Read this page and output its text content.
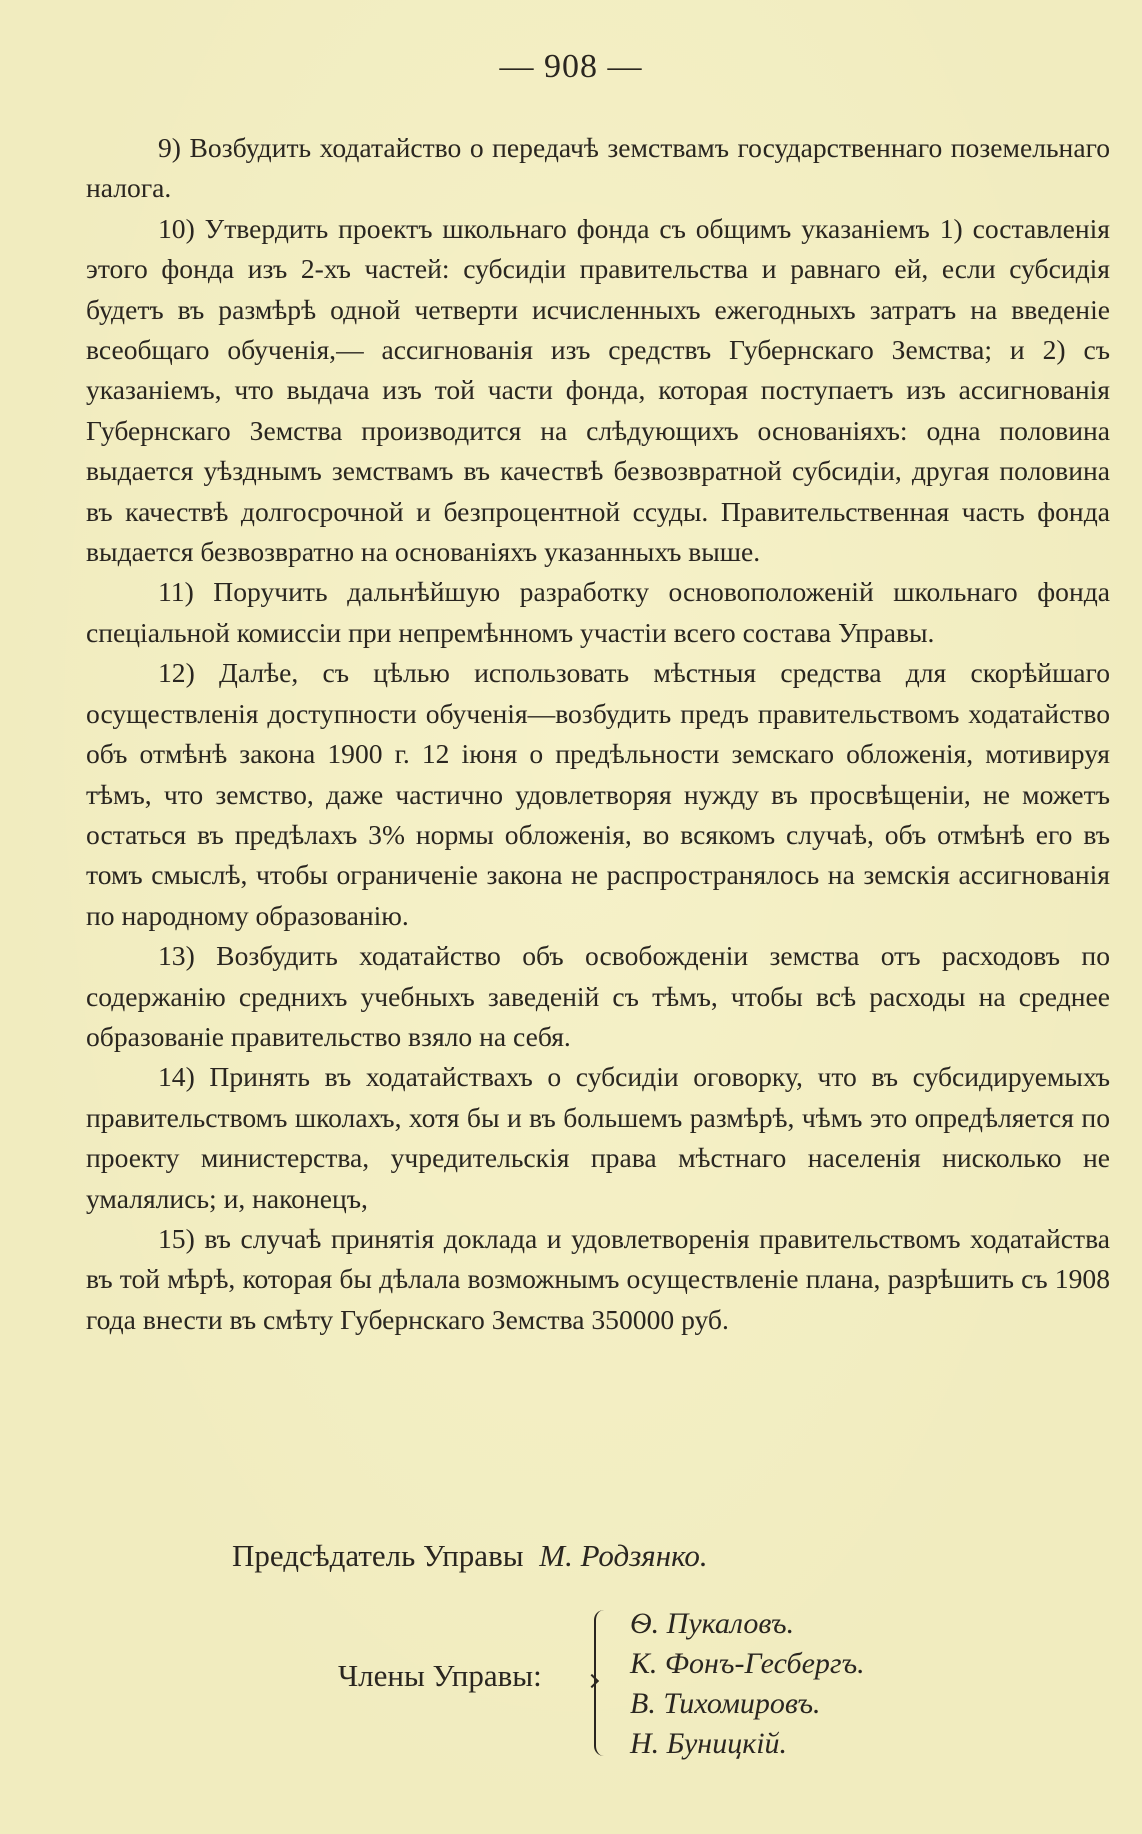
— 908 —

9) Возбудить ходатайство о передачѣ земствамъ государственнаго поземельнаго налога.

10) Утвердить проектъ школьнаго фонда съ общимъ указаніемъ 1) составленія этого фонда изъ 2-хъ частей: субсидіи правительства и равнаго ей, если субсидія будетъ въ размѣрѣ одной четверти исчисленныхъ ежегодныхъ затратъ на введеніе всеобщаго обученія,— ассигнованія изъ средствъ Губернскаго Земства; и 2) съ указаніемъ, что выдача изъ той части фонда, которая поступаетъ изъ ассигнованія Губернскаго Земства производится на слѣдующихъ основаніяхъ: одна половина выдается уѣзднымъ земствамъ въ качествѣ безвозвратной субсидіи, другая половина въ качествѣ долгосрочной и безпроцентной ссуды. Правительственная часть фонда выдается безвозвратно на основаніяхъ указанныхъ выше.

11) Поручить дальнѣйшую разработку основоположеній школьнаго фонда спеціальной комиссіи при непремѣнномъ участіи всего состава Управы.

12) Далѣе, съ цѣлью использовать мѣстныя средства для скорѣйшаго осуществленія доступности обученія—возбудить предъ правительствомъ ходатайство объ отмѣнѣ закона 1900 г. 12 іюня о предѣльности земскаго обложенія, мотивируя тѣмъ, что земство, даже частично удовлетворяя нужду въ просвѣщеніи, не можетъ остаться въ предѣлахъ 3% нормы обложенія, во всякомъ случаѣ, объ отмѣнѣ его въ томъ смыслѣ, чтобы ограниченіе закона не распространялось на земскія ассигнованія по народному образованію.

13) Возбудить ходатайство объ освобожденіи земства отъ расходовъ по содержанію среднихъ учебныхъ заведеній съ тѣмъ, чтобы всѣ расходы на среднее образованіе правительство взяло на себя.

14) Принять въ ходатайствахъ о субсидіи оговорку, что въ субсидируемыхъ правительствомъ школахъ, хотя бы и въ большемъ размѣрѣ, чѣмъ это опредѣляется по проекту министерства, учредительскія права мѣстнаго населенія нисколько не умалялись; и, наконецъ,

15) въ случаѣ принятія доклада и удовлетворенія правительствомъ ходатайства въ той мѣрѣ, которая бы дѣлала возможнымъ осуществленіе плана, разрѣшить съ 1908 года внести въ смѣту Губернскаго Земства 350000 руб.

Предсѣдатель Управы М. Родзянко.
Члены Управы:
Ѳ. Пукаловъ.
К. Фонъ-Гесбергъ.
В. Тихомировъ.
Н. Буницкій.
